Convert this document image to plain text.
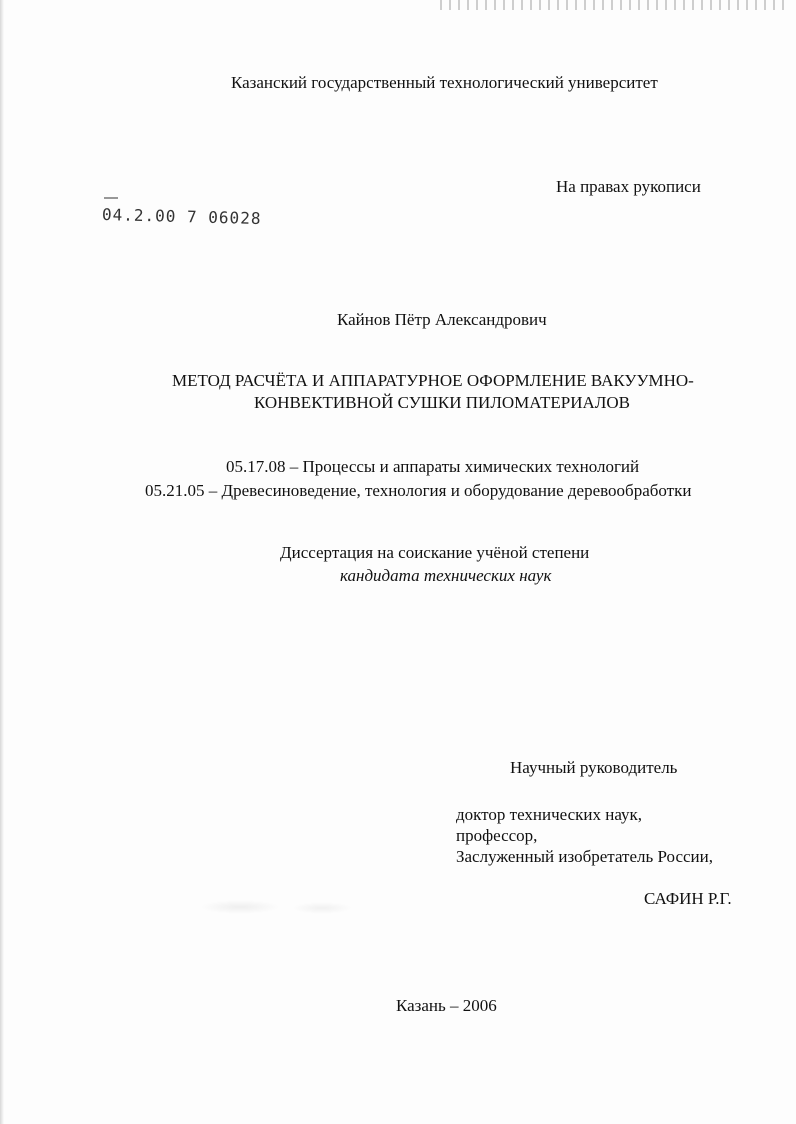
Казанский государственный технологический университет
На правах рукописи
04.2.00 7 06028
Кайнов Пётр Александрович
МЕТОД РАСЧЁТА И АППАРАТУРНОЕ ОФОРМЛЕНИЕ ВАКУУМНО-
КОНВЕКТИВНОЙ СУШКИ ПИЛОМАТЕРИАЛОВ
05.17.08 – Процессы и аппараты химических технологий
05.21.05 – Древесиноведение, технология и оборудование деревообработки
Диссертация на соискание учёной степени
кандидата технических наук
Научный руководитель
доктор технических наук,
профессор,
Заслуженный изобретатель России,
САФИН Р.Г.
Казань – 2006
